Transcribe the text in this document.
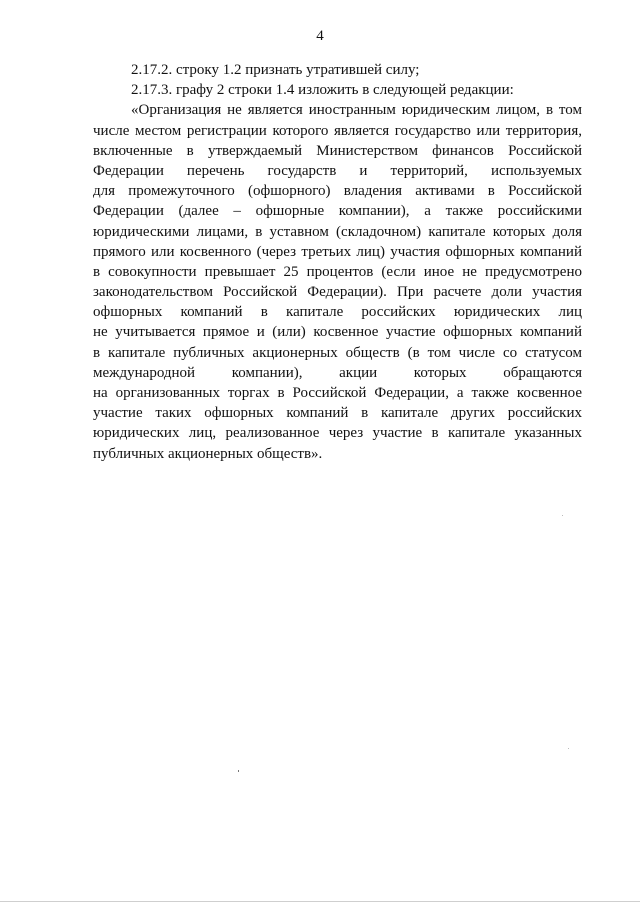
4
2.17.2. строку 1.2 признать утратившей силу;
2.17.3. графу 2 строки 1.4 изложить в следующей редакции:
«Организация не является иностранным юридическим лицом, в том
числе местом регистрации которого является государство или территория,
включенные в утверждаемый Министерством финансов Российской
Федерации перечень государств и территорий, используемых
для промежуточного (офшорного) владения активами в Российской
Федерации (далее – офшорные компании), а также российскими
юридическими лицами, в уставном (складочном) капитале которых доля
прямого или косвенного (через третьих лиц) участия офшорных компаний
в совокупности превышает 25 процентов (если иное не предусмотрено
законодательством Российской Федерации). При расчете доли участия
офшорных компаний в капитале российских юридических лиц
не учитывается прямое и (или) косвенное участие офшорных компаний
в капитале публичных акционерных обществ (в том числе со статусом
международной компании), акции которых обращаются
на организованных торгах в Российской Федерации, а также косвенное
участие таких офшорных компаний в капитале других российских
юридических лиц, реализованное через участие в капитале указанных
публичных акционерных обществ».
